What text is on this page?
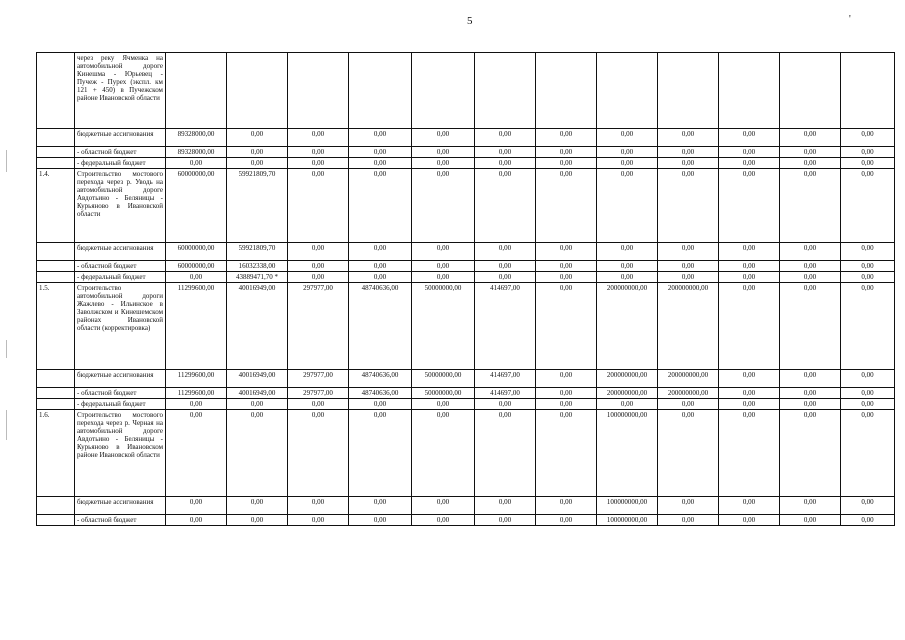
5	'
	через реку Ячменка на автомобильной дороге Кинешма - Юрьевец - Пучеж - Пурех (экспл. км 121 + 450) в Пучежском районе Ивановской области												
	бюджетные ассигнования	89328000,00	0,00	0,00	0,00	0,00	0,00	0,00	0,00	0,00	0,00	0,00	0,00
	- областной бюджет	89328000,00	0,00	0,00	0,00	0,00	0,00	0,00	0,00	0,00	0,00	0,00	0,00
	- федеральный бюджет	0,00	0,00	0,00	0,00	0,00	0,00	0,00	0,00	0,00	0,00	0,00	0,00
1.4.	Строительство мостового перехода через р. Уводь на автомобильной дороге Авдотьино - Беляницы - Курьяново в Ивановской области	60000000,00	59921809,70	0,00	0,00	0,00	0,00	0,00	0,00	0,00	0,00	0,00	0,00
	бюджетные ассигнования	60000000,00	59921809,70	0,00	0,00	0,00	0,00	0,00	0,00	0,00	0,00	0,00	0,00
	- областной бюджет	60000000,00	16032338,00	0,00	0,00	0,00	0,00	0,00	0,00	0,00	0,00	0,00	0,00
	- федеральный бюджет	0,00	43889471,70 *	0,00	0,00	0,00	0,00	0,00	0,00	0,00	0,00	0,00	0,00
1.5.	Строительство автомобильной дороги Жажлево - Ильинское в Заволжском и Кинешемском районах Ивановской области (корректировка)	11299600,00	40016949,00	297977,00	48740636,00	50000000,00	414697,00	0,00	200000000,00	200000000,00	0,00	0,00	0,00
	бюджетные ассигнования	11299600,00	40016949,00	297977,00	48740636,00	50000000,00	414697,00	0,00	200000000,00	200000000,00	0,00	0,00	0,00
	- областной бюджет	11299600,00	40016949,00	297977,00	48740636,00	50000000,00	414697,00	0,00	200000000,00	200000000,00	0,00	0,00	0,00
	- федеральный бюджет	0,00	0,00	0,00	0,00	0,00	0,00	0,00	0,00	0,00	0,00	0,00	0,00
1.6.	Строительство мостового перехода через р. Черная на автомобильной дороге Авдотьино - Беляницы - Курьяново в Ивановском районе Ивановской области	0,00	0,00	0,00	0,00	0,00	0,00	0,00	100000000,00	0,00	0,00	0,00	0,00
	бюджетные ассигнования	0,00	0,00	0,00	0,00	0,00	0,00	0,00	100000000,00	0,00	0,00	0,00	0,00
	- областной бюджет	0,00	0,00	0,00	0,00	0,00	0,00	0,00	100000000,00	0,00	0,00	0,00	0,00
